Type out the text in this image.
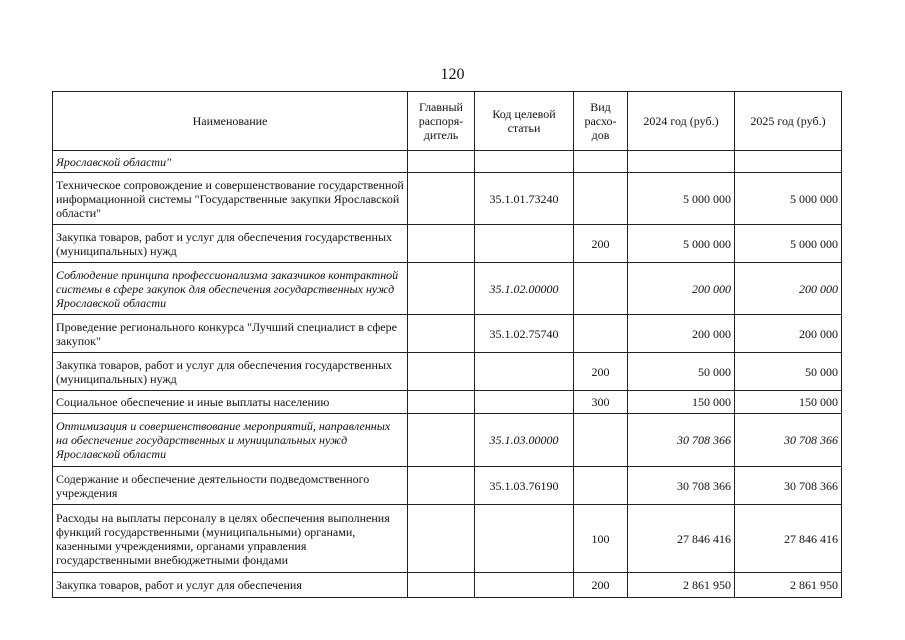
120
Наименование	Главный распоря-дитель	Код целевой статьи	Вид расхо-дов	2024 год (руб.)	2025 год (руб.)
Ярославской области"					
Техническое сопровождение и совершенствование государственной информационной системы "Государственные закупки Ярославской области"		35.1.01.73240		5 000 000	5 000 000
Закупка товаров, работ и услуг для обеспечения государственных (муниципальных) нужд			200	5 000 000	5 000 000
Соблюдение принципа профессионализма заказчиков контрактной системы в сфере закупок для обеспечения государственных нужд Ярославской области		35.1.02.00000		200 000	200 000
Проведение регионального конкурса "Лучший специалист в сфере закупок"		35.1.02.75740		200 000	200 000
Закупка товаров, работ и услуг для обеспечения государственных (муниципальных) нужд			200	50 000	50 000
Социальное обеспечение и иные выплаты населению			300	150 000	150 000
Оптимизация и совершенствование мероприятий, направленных на обеспечение государственных и муниципальных нужд Ярославской области		35.1.03.00000		30 708 366	30 708 366
Содержание и обеспечение деятельности подведомственного учреждения		35.1.03.76190		30 708 366	30 708 366
Расходы на выплаты персоналу в целях обеспечения выполнения функций государственными (муниципальными) органами, казенными учреждениями, органами управления государственными внебюджетными фондами			100	27 846 416	27 846 416
Закупка товаров, работ и услуг для обеспечения			200	2 861 950	2 861 950
